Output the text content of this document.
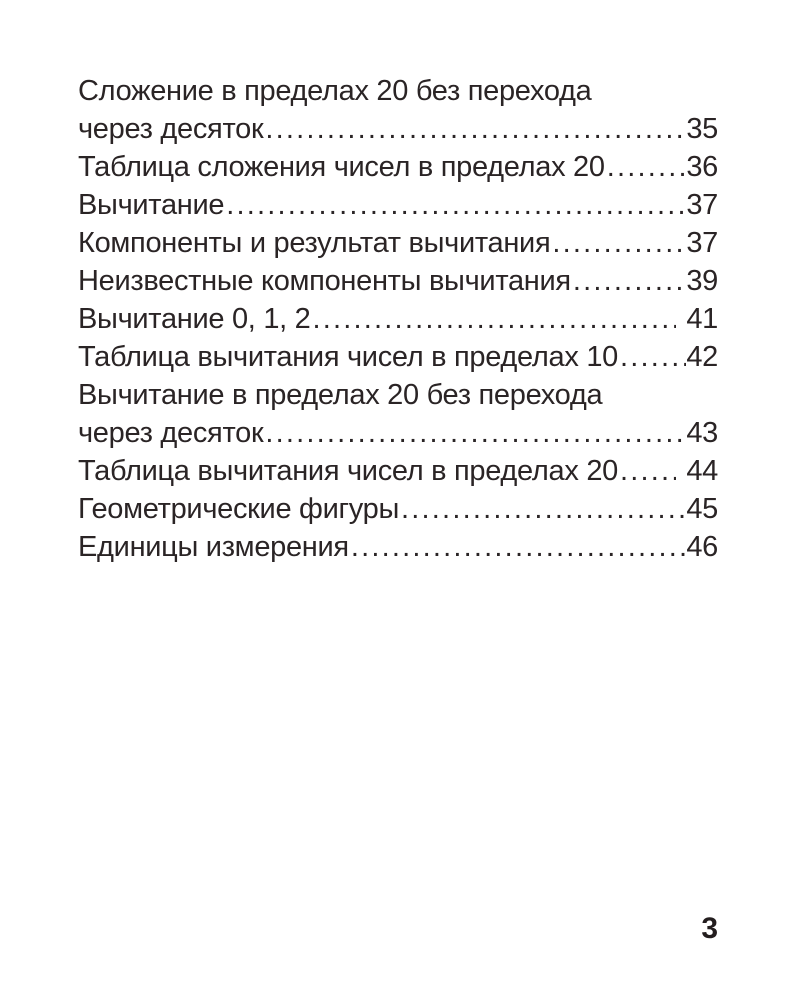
Сложение в пределах 20 без перехода
через десяток .....	35
Таблица сложения чисел в пределах 20 .....	36
Вычитание .....	37
Компоненты и результат вычитания .....	37
Неизвестные компоненты вычитания .....	39
Вычитание 0, 1, 2 .....	41
Таблица вычитания чисел в пределах 10 ..... 42
Вычитание в пределах 20 без перехода
через десяток .....	43
Таблица вычитания чисел в пределах 20 .....	44
Геометрические фигуры .....	45
Единицы измерения .....	46
3
